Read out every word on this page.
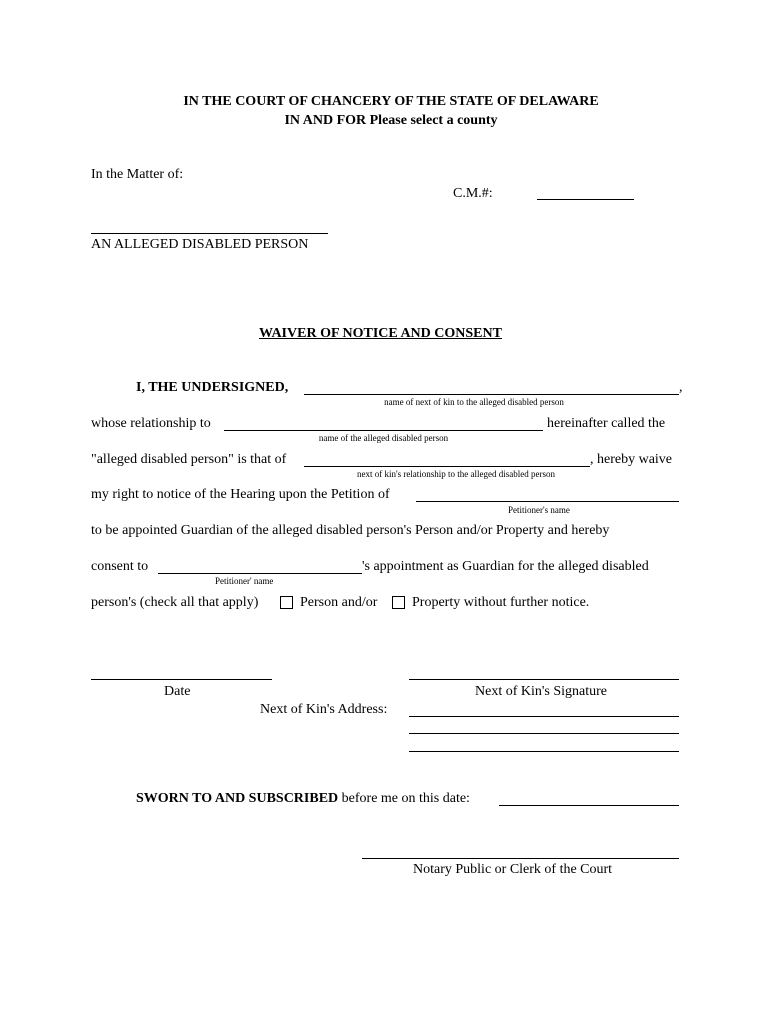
IN THE COURT OF CHANCERY OF THE STATE OF DELAWARE
IN AND FOR Please select a county
In the Matter of:
C.M.#:
AN ALLEGED DISABLED PERSON
WAIVER OF NOTICE AND CONSENT
I, THE UNDERSIGNED,	,
name of next of kin to the alleged disabled person
whose relationship to	hereinafter called the
name of the alleged disabled person
"alleged disabled person" is that of	, hereby waive
next of kin's relationship to the alleged disabled person
my right to notice of the Hearing upon the Petition of
Petitioner's name
to be appointed Guardian of the alleged disabled person's Person and/or Property and hereby
consent to	's appointment as Guardian for the alleged disabled
Petitioner' name
person's (check all that apply)	Person and/or Property without further notice.
Date	Next of Kin's Signature
Next of Kin's Address:
SWORN TO AND SUBSCRIBED before me on this date:
Notary Public or Clerk of the Court
